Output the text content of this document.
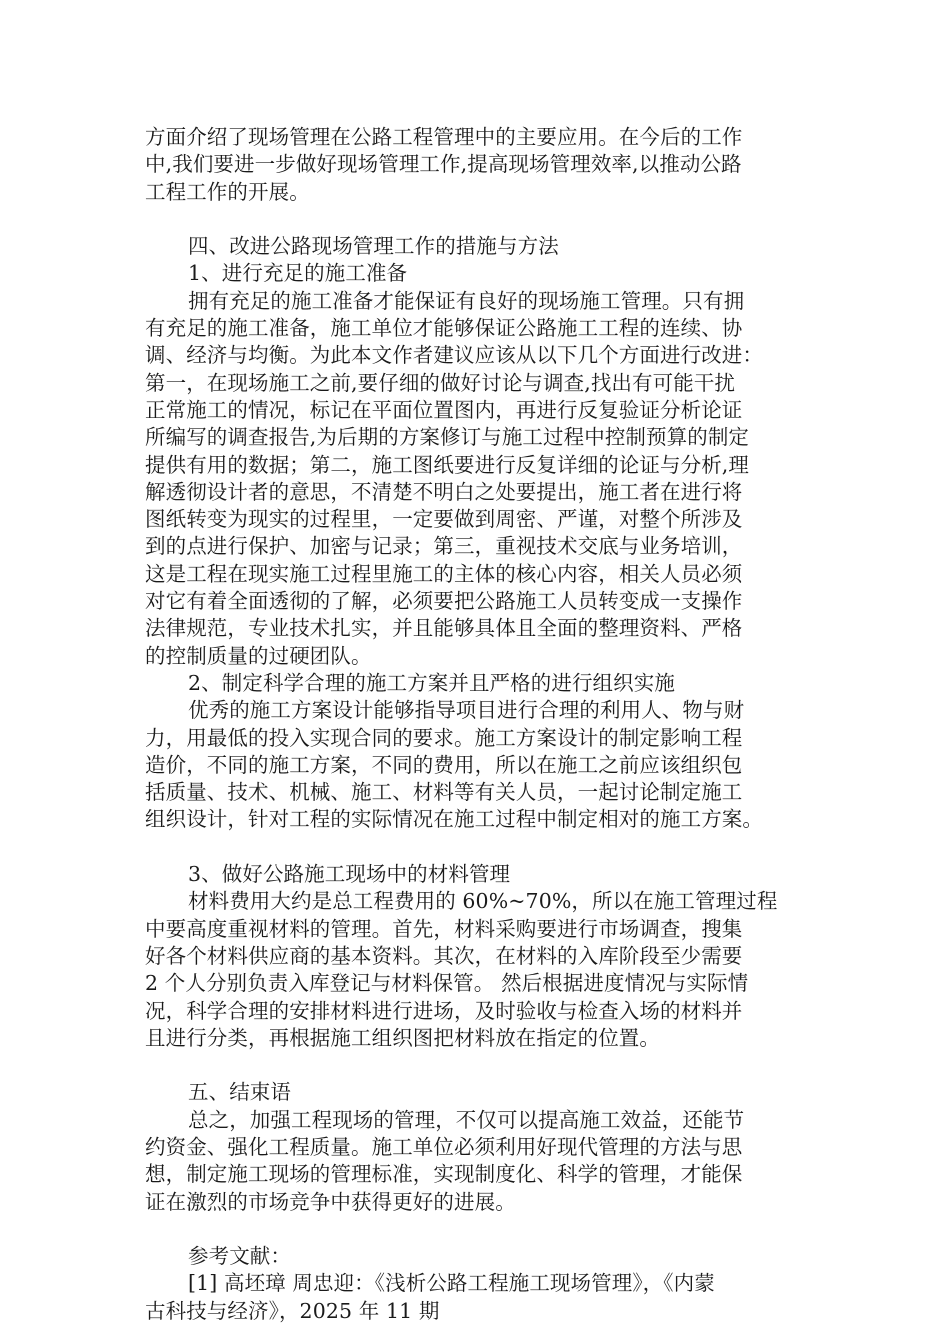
方面介绍了现场管理在公路工程管理中的主要应用。在今后的工作
中,我们要进一步做好现场管理工作,提高现场管理效率,以推动公路
工程工作的开展。
四、改进公路现场管理工作的措施与方法
1、进行充足的施工准备
拥有充足的施工准备才能保证有良好的现场施工管理。只有拥
有充足的施工准备，施工单位才能够保证公路施工工程的连续、协
调、经济与均衡。为此本文作者建议应该从以下几个方面进行改进：
第一，在现场施工之前,要仔细的做好讨论与调查,找出有可能干扰
正常施工的情况，标记在平面位置图内，再进行反复验证分析论证
所编写的调查报告,为后期的方案修订与施工过程中控制预算的制定
提供有用的数据；第二，施工图纸要进行反复详细的论证与分析,理
解透彻设计者的意思，不清楚不明白之处要提出，施工者在进行将
图纸转变为现实的过程里，一定要做到周密、严谨，对整个所涉及
到的点进行保护、加密与记录；第三，重视技术交底与业务培训，
这是工程在现实施工过程里施工的主体的核心内容，相关人员必须
对它有着全面透彻的了解，必须要把公路施工人员转变成一支操作
法律规范，专业技术扎实，并且能够具体且全面的整理资料、严格
的控制质量的过硬团队。
2、制定科学合理的施工方案并且严格的进行组织实施
优秀的施工方案设计能够指导项目进行合理的利用人、物与财
力，用最低的投入实现合同的要求。施工方案设计的制定影响工程
造价，不同的施工方案，不同的费用，所以在施工之前应该组织包
括质量、技术、机械、施工、材料等有关人员，一起讨论制定施工
组织设计，针对工程的实际情况在施工过程中制定相对的施工方案。
3、做好公路施工现场中的材料管理
材料费用大约是总工程费用的 60%~70%，所以在施工管理过程
中要高度重视材料的管理。首先，材料采购要进行市场调查，搜集
好各个材料供应商的基本资料。其次，在材料的入库阶段至少需要
2 个人分别负责入库登记与材料保管。 然后根据进度情况与实际情
况，科学合理的安排材料进行进场，及时验收与检查入场的材料并
且进行分类，再根据施工组织图把材料放在指定的位置。
五、结束语
总之，加强工程现场的管理，不仅可以提高施工效益，还能节
约资金、强化工程质量。施工单位必须利用好现代管理的方法与思
想，制定施工现场的管理标准，实现制度化、科学的管理，才能保
证在激烈的市场竞争中获得更好的进展。
参考文献：
[1] 高坯璋 周忠迎：《浅析公路工程施工现场管理》，《内蒙
古科技与经济》，2025 年 11 期
